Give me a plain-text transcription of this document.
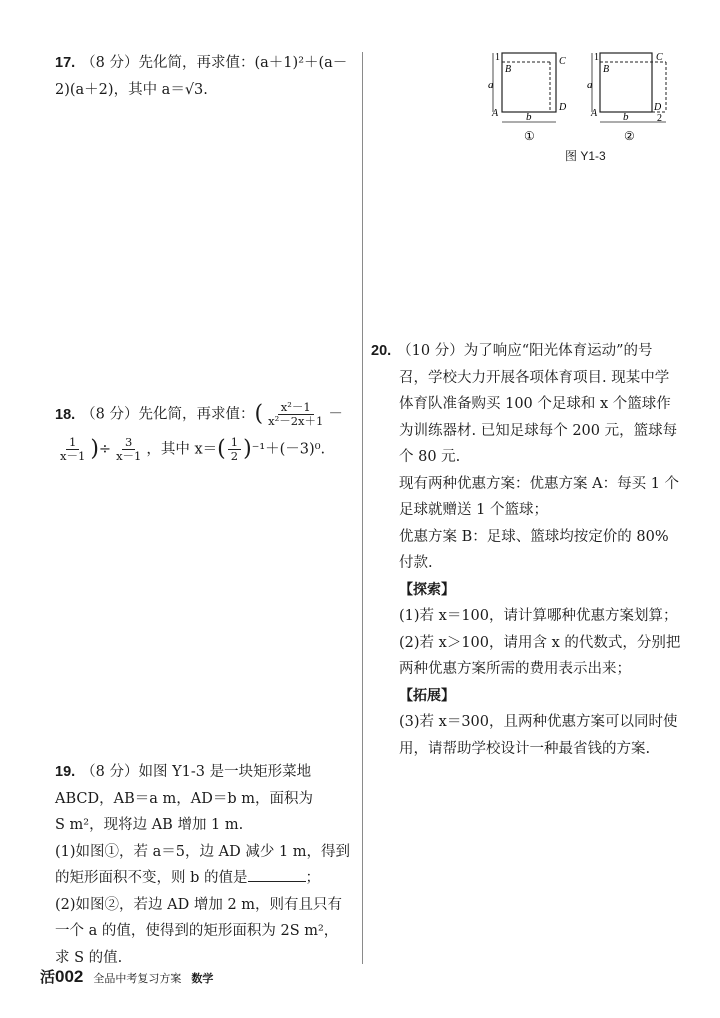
17. （8 分）先化简，再求值：(a＋1)²＋(a－
2)(a＋2)，其中 a＝√3.
18. （8 分）先化简，再求值：( $\frac{\text{x²－1}}{\text{x²－2x＋1}}$ －
$\frac{1}{x-1}$ )÷ $\frac{3}{x-1}$ ，其中 $x=( \frac{1}{2} )^{-1}+(-3)^0$.
19. （8 分）如图 Y1-3 是一块矩形菜地
ABCD，AB＝a m，AD＝b m，面积为
S m²，现将边 AB 增加 1 m.
(1)如图①，若 a＝5，边 AD 减少 1 m，得到
的矩形面积不变，则 b 的值是	；
(2)如图②，若边 AD 增加 2 m，则有且只有
一个 a 的值，使得到的矩形面积为 2S m²，
求 S 的值.
1
a
A
B
C
D
b
①
1
a
A
B
C
D
b	2
②
图 Y1-3
20. （10 分）为了响应“阳光体育运动”的号
召，学校大力开展各项体育项目. 现某中学
体育队准备购买 100 个足球和 x 个篮球作
为训练器材. 已知足球每个 200 元，篮球每
个 80 元.
现有两种优惠方案：优惠方案 A：每买 1 个
足球就赠送 1 个篮球；
优惠方案 B：足球、篮球均按定价的 80%
付款.
【探索】
(1)若 x＝100，请计算哪种优惠方案划算；
(2)若 x＞100，请用含 x 的代数式，分别把
两种优惠方案所需的费用表示出来；
【拓展】
(3)若 x＝300，且两种优惠方案可以同时使
用，请帮助学校设计一种最省钱的方案.
活002 全品中考复习方案 数学
